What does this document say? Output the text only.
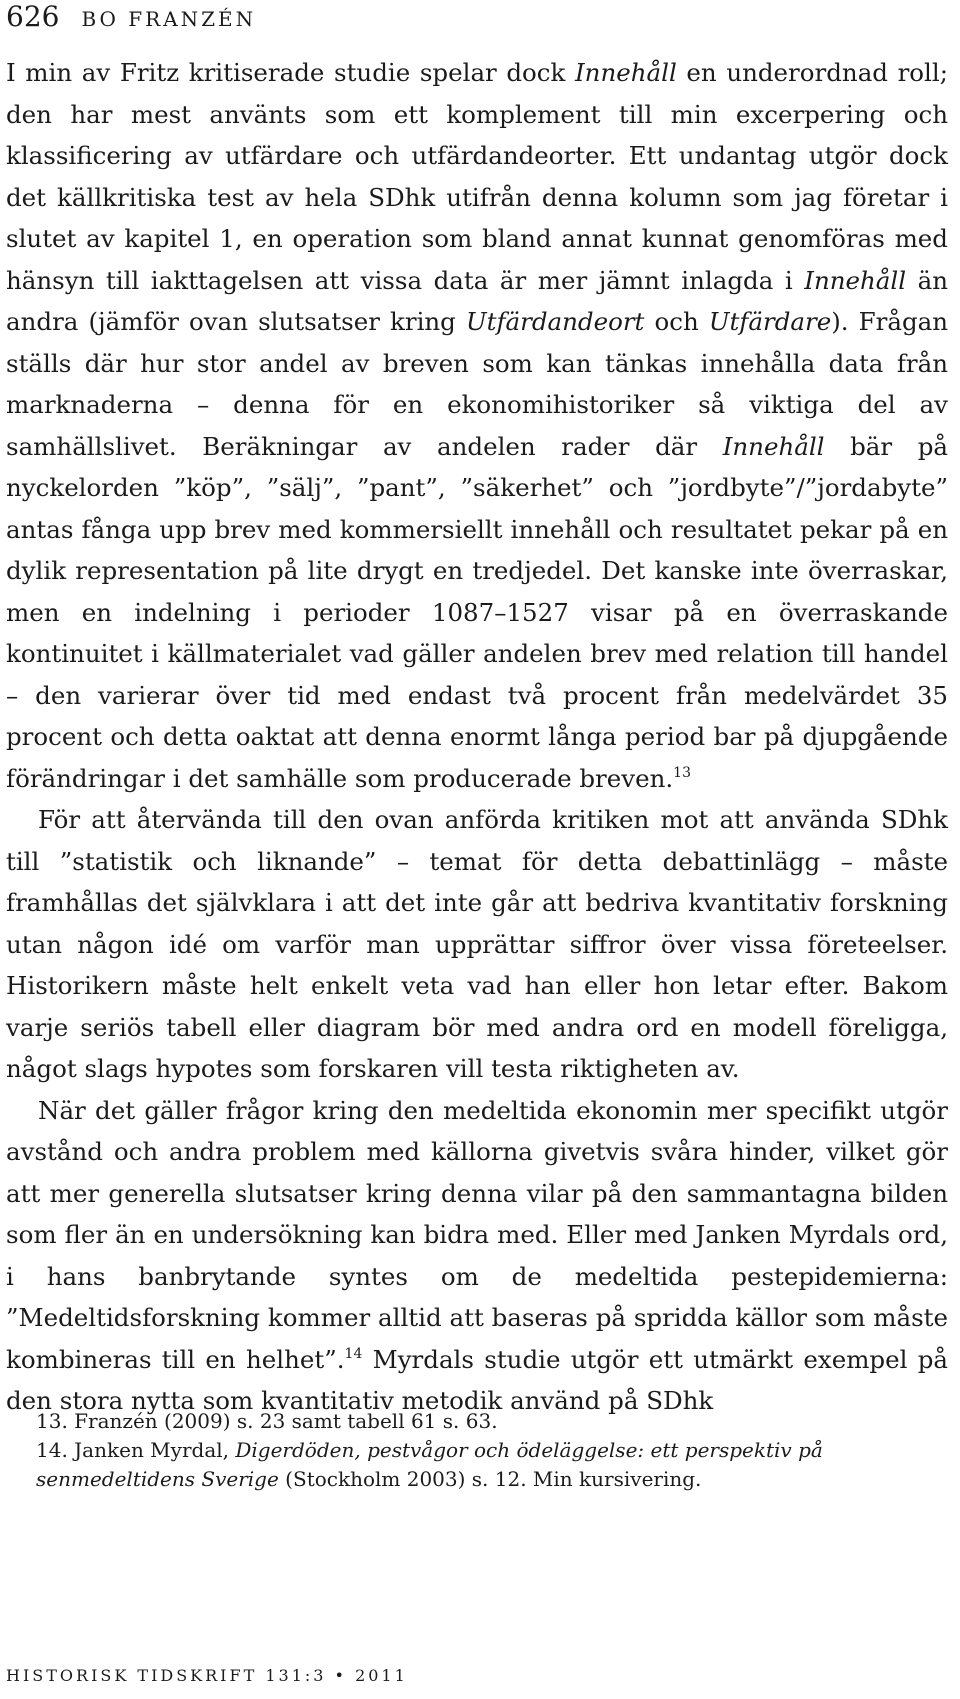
626 BO FRANZÉN

I min av Fritz kritiserade studie spelar dock Innehåll en underordnad roll; den har mest använts som ett komplement till min excerpering och klassificering av utfärdare och utfärdandeorter. Ett undantag utgör dock det källkritiska test av hela SDhk utifrån denna kolumn som jag företar i slutet av kapitel 1, en operation som bland annat kunnat genomföras med hänsyn till iakttagelsen att vissa data är mer jämnt inlagda i Innehåll än andra (jämför ovan slutsatser kring Utfärdandeort och Utfärdare). Frågan ställs där hur stor andel av breven som kan tänkas innehålla data från marknaderna – denna för en ekonomihistoriker så viktiga del av samhällslivet. Beräkningar av andelen rader där Innehåll bär på nyckelorden ”köp”, ”sälj”, ”pant”, ”säkerhet” och ”jordbyte”/”jordabyte” antas fånga upp brev med kommersiellt innehåll och resultatet pekar på en dylik representation på lite drygt en tredjedel. Det kanske inte överraskar, men en indelning i perioder 1087–1527 visar på en överraskande kontinuitet i källmaterialet vad gäller andelen brev med relation till handel – den varierar över tid med endast två procent från medelvärdet 35 procent och detta oaktat att denna enormt långa period bar på djupgående förändringar i det samhälle som producerade breven.$^{13}$

För att återvända till den ovan anförda kritiken mot att använda SDhk till ”statistik och liknande” – temat för detta debattinlägg – måste framhållas det självklara i att det inte går att bedriva kvantitativ forskning utan någon idé om varför man upprättar siffror över vissa företeelser. Historikern måste helt enkelt veta vad han eller hon letar efter. Bakom varje seriös tabell eller diagram bör med andra ord en modell föreligga, något slags hypotes som forskaren vill testa riktigheten av.

När det gäller frågor kring den medeltida ekonomin mer specifikt utgör avstånd och andra problem med källorna givetvis svåra hinder, vilket gör att mer generella slutsatser kring denna vilar på den sammantagna bilden som fler än en undersökning kan bidra med. Eller med Janken Myrdals ord, i hans banbrytande syntes om de medeltida pestepidemierna: ”Medeltidsforskning kommer alltid att baseras på spridda källor som måste kombineras till en helhet”.$^{14}$ Myrdals studie utgör ett utmärkt exempel på den stora nytta som kvantitativ metodik använd på SDhk

13. Franzén (2009) s. 23 samt tabell 61 s. 63.

14. Janken Myrdal, Digerdöden, pestvågor och ödeläggelse: ett perspektiv på senmedeltidens Sverige (Stockholm 2003) s. 12. Min kursivering.

HISTORISK TIDSKRIFT 131:3 • 2011
